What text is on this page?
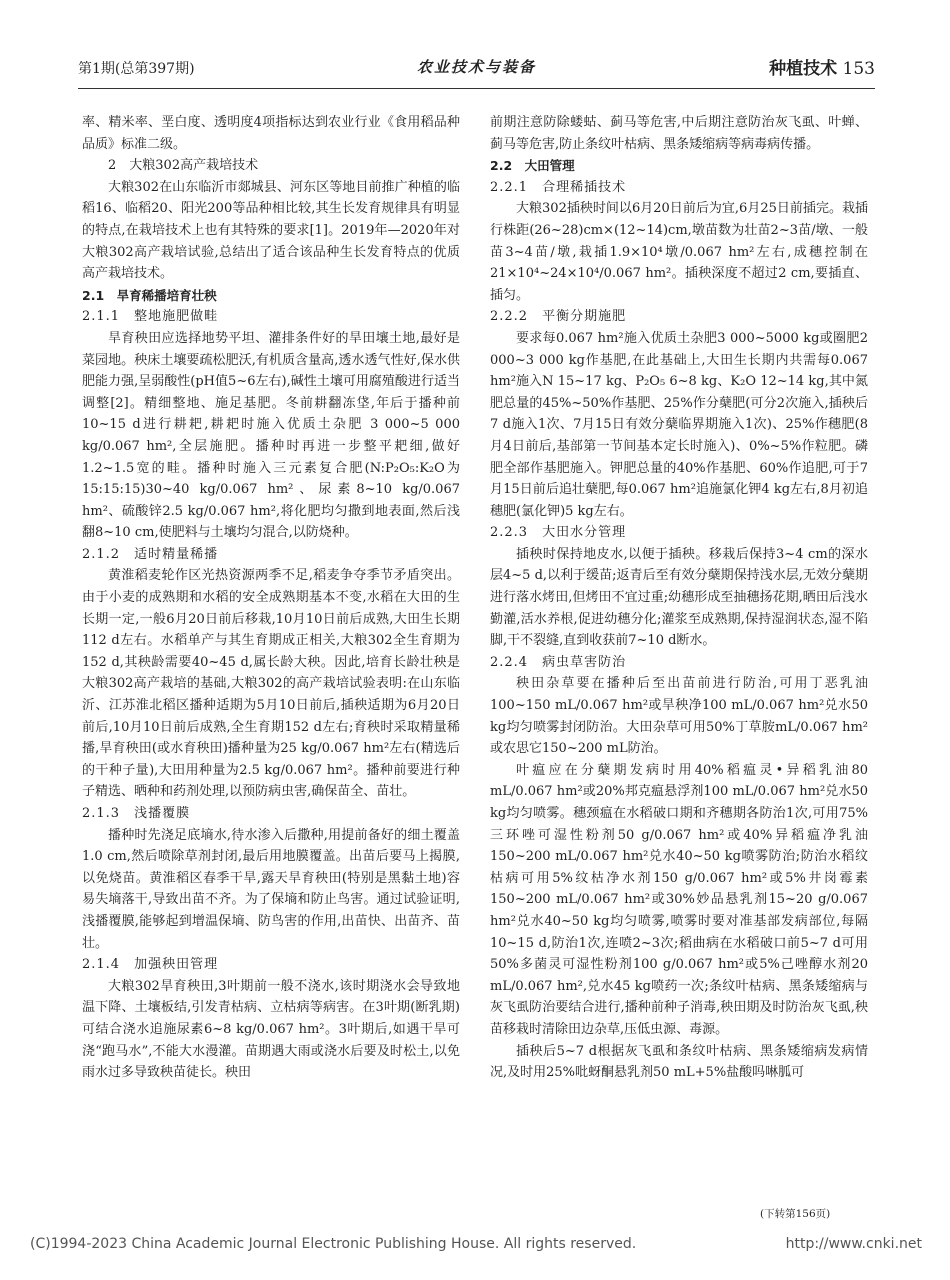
第1期(总第397期)	农业技术与装备	种植技术 153

率、精米率、垩白度、透明度4项指标达到农业行业《食用稻品种品质》标准二级。

2　大粮302高产栽培技术

大粮302在山东临沂市郯城县、河东区等地目前推广种植的临稻16、临稻20、阳光200等品种相比较,其生长发育规律具有明显的特点,在栽培技术上也有其特殊的要求[1]。2019年—2020年对大粮302高产栽培试验,总结出了适合该品种生长发育特点的优质高产栽培技术。

2.1　旱育稀播培育壮秧

2.1.1　整地施肥做畦

旱育秧田应选择地势平坦、灌排条件好的旱田壤土地,最好是菜园地。秧床土壤要疏松肥沃,有机质含量高,透水透气性好,保水供肥能力强,呈弱酸性(pH值5~6左右),碱性土壤可用腐殖酸进行适当调整[2]。精细整地、施足基肥。冬前耕翻冻垡,年后于播种前10~15 d进行耕耙,耕耙时施入优质土杂肥 3 000~5 000 kg/0.067 hm²,全层施肥。播种时再进一步整平耙细,做好1.2~1.5宽的畦。播种时施入三元素复合肥(N:P₂O₅:K₂O为15:15:15)30~40 kg/0.067 hm²、尿素8~10 kg/0.067 hm²、硫酸锌2.5 kg/0.067 hm²,将化肥均匀撒到地表面,然后浅翻8~10 cm,使肥料与土壤均匀混合,以防烧种。

2.1.2　适时精量稀播

黄淮稻麦轮作区光热资源两季不足,稻麦争夺季节矛盾突出。由于小麦的成熟期和水稻的安全成熟期基本不变,水稻在大田的生长期一定,一般6月20日前后移栽,10月10日前后成熟,大田生长期112 d左右。水稻单产与其生育期成正相关,大粮302全生育期为152 d,其秧龄需要40~45 d,属长龄大秧。因此,培育长龄壮秧是大粮302高产栽培的基础,大粮302的高产栽培试验表明:在山东临沂、江苏淮北稻区播种适期为5月10日前后,插秧适期为6月20日前后,10月10日前后成熟,全生育期152 d左右;育秧时采取精量稀播,旱育秧田(或水育秧田)播种量为25 kg/0.067 hm²左右(精选后的干种子量),大田用种量为2.5 kg/0.067 hm²。播种前要进行种子精选、晒种和药剂处理,以预防病虫害,确保苗全、苗壮。

2.1.3　浅播覆膜

播种时先浇足底墒水,待水渗入后撒种,用提前备好的细土覆盖1.0 cm,然后喷除草剂封闭,最后用地膜覆盖。出苗后要马上揭膜,以免烧苗。黄淮稻区春季干旱,露天旱育秧田(特别是黑黏土地)容易失墒落干,导致出苗不齐。为了保墒和防止鸟害。通过试验证明,浅播覆膜,能够起到增温保墒、防鸟害的作用,出苗快、出苗齐、苗壮。

2.1.4　加强秧田管理

大粮302旱育秧田,3叶期前一般不浇水,该时期浇水会导致地温下降、土壤板结,引发青枯病、立枯病等病害。在3叶期(断乳期)可结合浇水追施尿素6~8 kg/0.067 hm²。3叶期后,如遇干旱可浇“跑马水”,不能大水漫灌。苗期遇大雨或浇水后要及时松土,以免雨水过多导致秧苗徒长。秧田

前期注意防除蝼蛄、蓟马等危害,中后期注意防治灰飞虱、叶蝉、蓟马等危害,防止条纹叶枯病、黑条矮缩病等病毒病传播。

2.2　大田管理

2.2.1　合理稀插技术

大粮302插秧时间以6月20日前后为宜,6月25日前插完。栽插行株距(26~28)cm×(12~14)cm,墩苗数为壮苗2~3苗/墩、一般苗3~4苗/墩,栽插1.9×10⁴墩/0.067 hm²左右,成穗控制在21×10⁴~24×10⁴/0.067 hm²。插秧深度不超过2 cm,要插直、插匀。

2.2.2　平衡分期施肥

要求每0.067 hm²施入优质土杂肥3 000~5000 kg或圈肥2 000~3 000 kg作基肥,在此基础上,大田生长期内共需每0.067 hm²施入N 15~17 kg、P₂O₅ 6~8 kg、K₂O 12~14 kg,其中氮肥总量的45%~50%作基肥、25%作分蘖肥(可分2次施入,插秧后7 d施入1次、7月15日有效分蘖临界期施入1次)、25%作穗肥(8月4日前后,基部第一节间基本定长时施入)、0%~5%作粒肥。磷肥全部作基肥施入。钾肥总量的40%作基肥、60%作追肥,可于7月15日前后追壮蘖肥,每0.067 hm²追施氯化钾4 kg左右,8月初追穗肥(氯化钾)5 kg左右。

2.2.3　大田水分管理

插秧时保持地皮水,以便于插秧。移栽后保持3~4 cm的深水层4~5 d,以利于缓苗;返青后至有效分蘖期保持浅水层,无效分蘖期进行落水烤田,但烤田不宜过重;幼穗形成至抽穗扬花期,晒田后浅水勤灌,活水养根,促进幼穗分化;灌浆至成熟期,保持湿润状态,湿不陷脚,干不裂缝,直到收获前7~10 d断水。

2.2.4　病虫草害防治

秧田杂草要在播种后至出苗前进行防治,可用丁恶乳油100~150 mL/0.067 hm²或旱秧净100 mL/0.067 hm²兑水50 kg均匀喷雾封闭防治。大田杂草可用50%丁草胺mL/0.067 hm²或农思它150~200 mL防治。

叶瘟应在分蘖期发病时用40%稻瘟灵•异稻乳油80 mL/0.067 hm²或20%邦克瘟悬浮剂100 mL/0.067 hm²兑水50 kg均匀喷雾。穗颈瘟在水稻破口期和齐穗期各防治1次,可用75%三环唑可湿性粉剂50 g/0.067 hm²或40%异稻瘟净乳油150~200 mL/0.067 hm²兑水40~50 kg喷雾防治;防治水稻纹枯病可用5%纹枯净水剂150 g/0.067 hm²或5%井岗霉素150~200 mL/0.067 hm²或30%妙品悬乳剂15~20 g/0.067 hm²兑水40~50 kg均匀喷雾,喷雾时要对准基部发病部位,每隔10~15 d,防治1次,连喷2~3次;稻曲病在水稻破口前5~7 d可用50%多菌灵可湿性粉剂100 g/0.067 hm²或5%己唑醇水剂20 mL/0.067 hm²,兑水45 kg喷药一次;条纹叶枯病、黑条矮缩病与灰飞虱防治要结合进行,播种前种子消毒,秧田期及时防治灰飞虱,秧苗移栽时清除田边杂草,压低虫源、毒源。

插秧后5~7 d根据灰飞虱和条纹叶枯病、黑条矮缩病发病情况,及时用25%吡蚜酮悬乳剂50 mL+5%盐酸吗啉胍可

(下转第156页)
(C)1994-2023 China Academic Journal Electronic Publishing House. All rights reserved.	http://www.cnki.net
